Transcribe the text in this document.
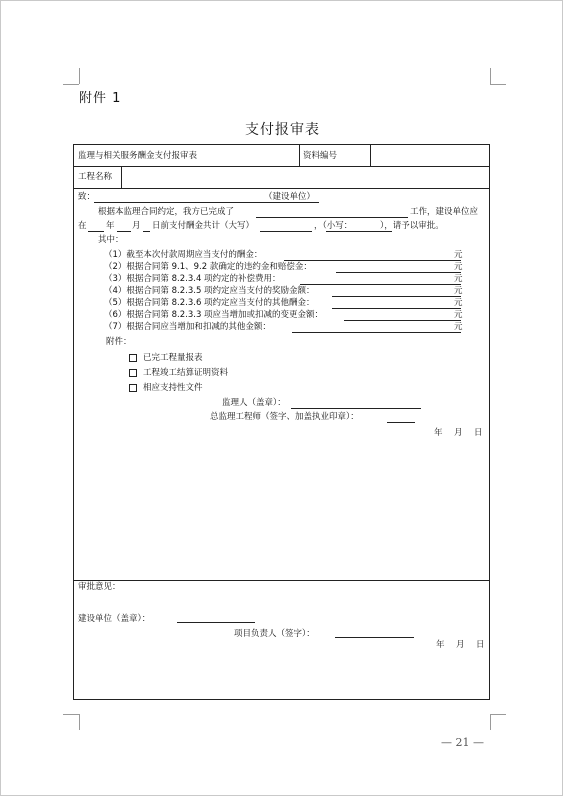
附件 1
支付报审表
监理与相关服务酬金支付报审表	资料编号
工程名称
致：	（建设单位）
根据本监理合同约定，我方已完成了	工作，建设单位应
在 年 月 日前支付酬金共计（大写）	，（小写：	），请予以审批。
其中：
（1）截至本次付款周期应当支付的酬金：	元
（2）根据合同第 9.1、9.2 款确定的违约金和赔偿金：	元
（3）根据合同第 8.2.3.4 项约定的补偿费用：	元
（4）根据合同第 8.2.3.5 项约定应当支付的奖励金额：	元
（5）根据合同第 8.2.3.6 项约定应当支付的其他酬金：	元
（6）根据合同第 8.2.3.3 项应当增加或扣减的变更金额：	元
（7）根据合同应当增加和扣减的其他金额：	元
附件：
已完工程量报表
工程竣工结算证明资料
相应支持性文件
监理人（盖章）：
总监理工程师（签字、加盖执业印章）：
年 月 日
审批意见：
建设单位（盖章）：
项目负责人（签字）：
年 月 日
— 21 —
